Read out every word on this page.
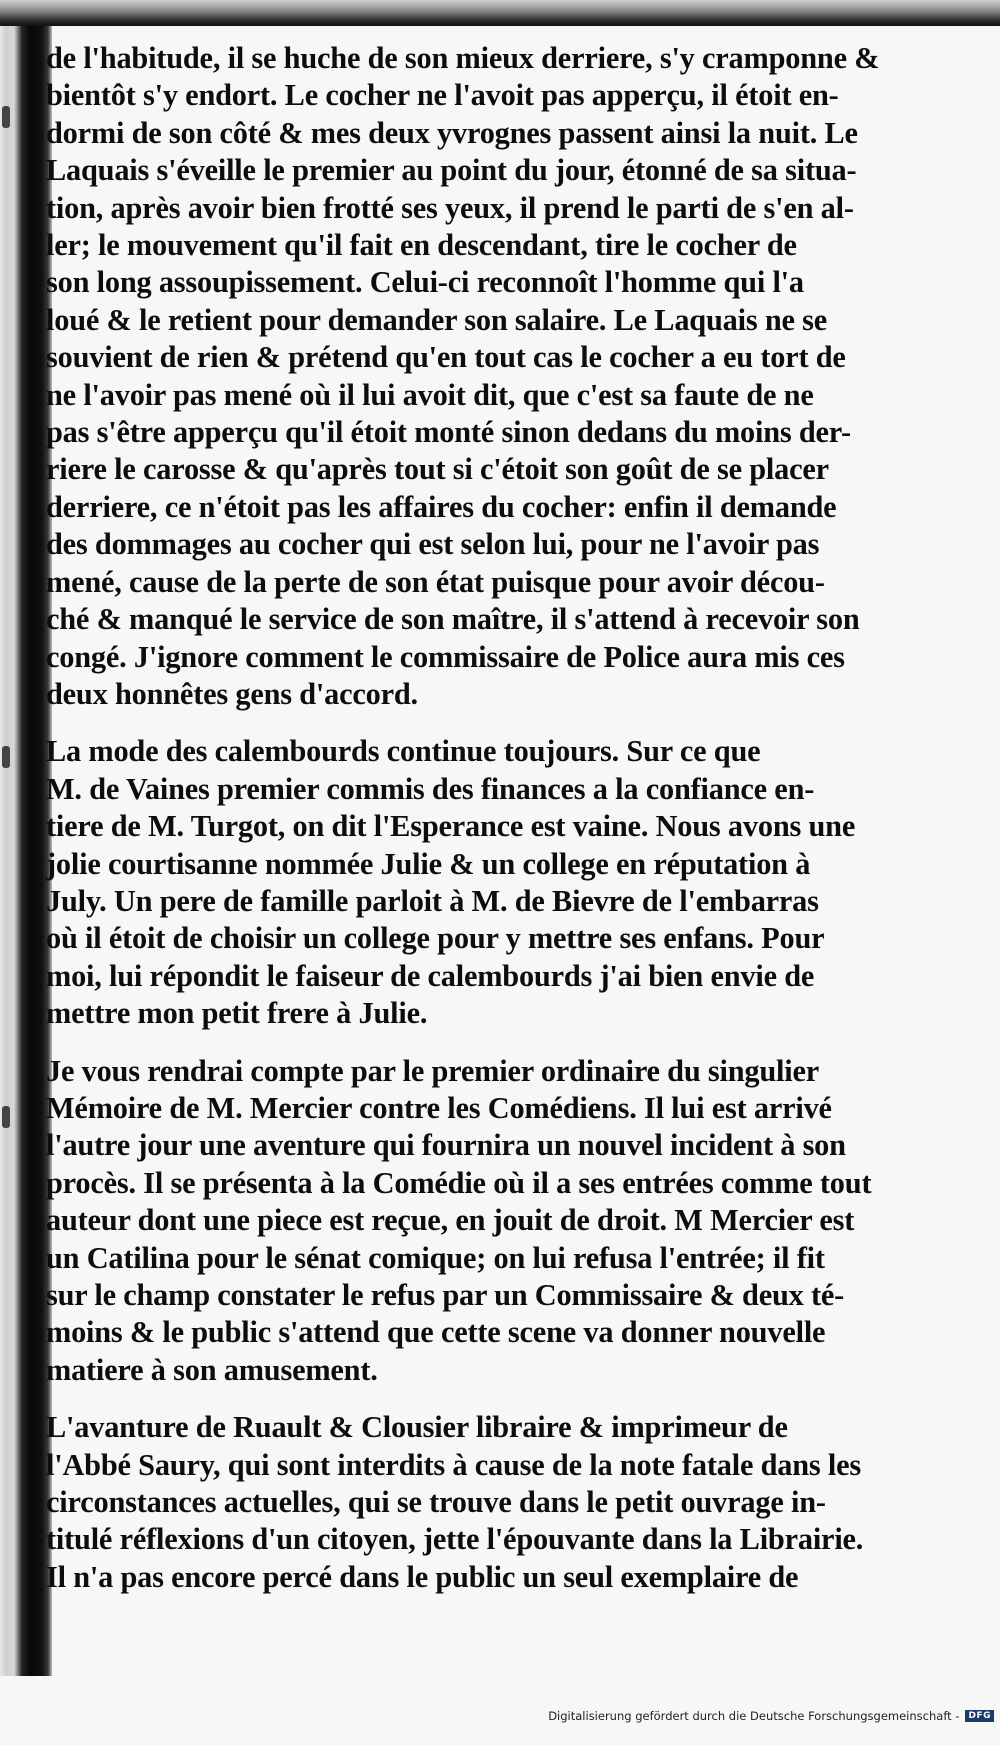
de l'habitude, il se huche de son mieux derriere, s'y cramponne &
bientôt s'y endort. Le cocher ne l'avoit pas apperçu, il étoit en-
dormi de son côté & mes deux yvrognes passent ainsi la nuit. Le
Laquais s'éveille le premier au point du jour, étonné de sa situa-
tion, après avoir bien frotté ses yeux, il prend le parti de s'en al-
ler; le mouvement qu'il fait en descendant, tire le cocher de
son long assoupissement. Celui-ci reconnoît l'homme qui l'a
loué & le retient pour demander son salaire. Le Laquais ne se
souvient de rien & prétend qu'en tout cas le cocher a eu tort de
ne l'avoir pas mené où il lui avoit dit, que c'est sa faute de ne
pas s'être apperçu qu'il étoit monté sinon dedans du moins der-
riere le carosse & qu'après tout si c'étoit son goût de se placer
derriere, ce n'étoit pas les affaires du cocher: enfin il demande
des dommages au cocher qui est selon lui, pour ne l'avoir pas
mené, cause de la perte de son état puisque pour avoir décou-
ché & manqué le service de son maître, il s'attend à recevoir son
congé. J'ignore comment le commissaire de Police aura mis ces
deux honnêtes gens d'accord.
La mode des calembourds continue toujours. Sur ce que
M. de Vaines premier commis des finances a la confiance en-
tiere de M. Turgot, on dit l'Esperance est vaine. Nous avons une
jolie courtisanne nommée Julie & un college en réputation à
July. Un pere de famille parloit à M. de Bievre de l'embarras
où il étoit de choisir un college pour y mettre ses enfans. Pour
moi, lui répondit le faiseur de calembourds j'ai bien envie de
mettre mon petit frere à Julie.
Je vous rendrai compte par le premier ordinaire du singulier
Mémoire de M. Mercier contre les Comédiens. Il lui est arrivé
l'autre jour une aventure qui fournira un nouvel incident à son
procès. Il se présenta à la Comédie où il a ses entrées comme tout
auteur dont une piece est reçue, en jouit de droit. M Mercier est
un Catilina pour le sénat comique; on lui refusa l'entrée; il fit
sur le champ constater le refus par un Commissaire & deux té-
moins & le public s'attend que cette scene va donner nouvelle
matiere à son amusement.
L'avanture de Ruault & Clousier libraire & imprimeur de
l'Abbé Saury, qui sont interdits à cause de la note fatale dans les
circonstances actuelles, qui se trouve dans le petit ouvrage in-
titulé réflexions d'un citoyen, jette l'épouvante dans la Librairie.
Il n'a pas encore percé dans le public un seul exemplaire de
Digitalisierung gefördert durch die Deutsche Forschungsgemeinschaft -	DFG
